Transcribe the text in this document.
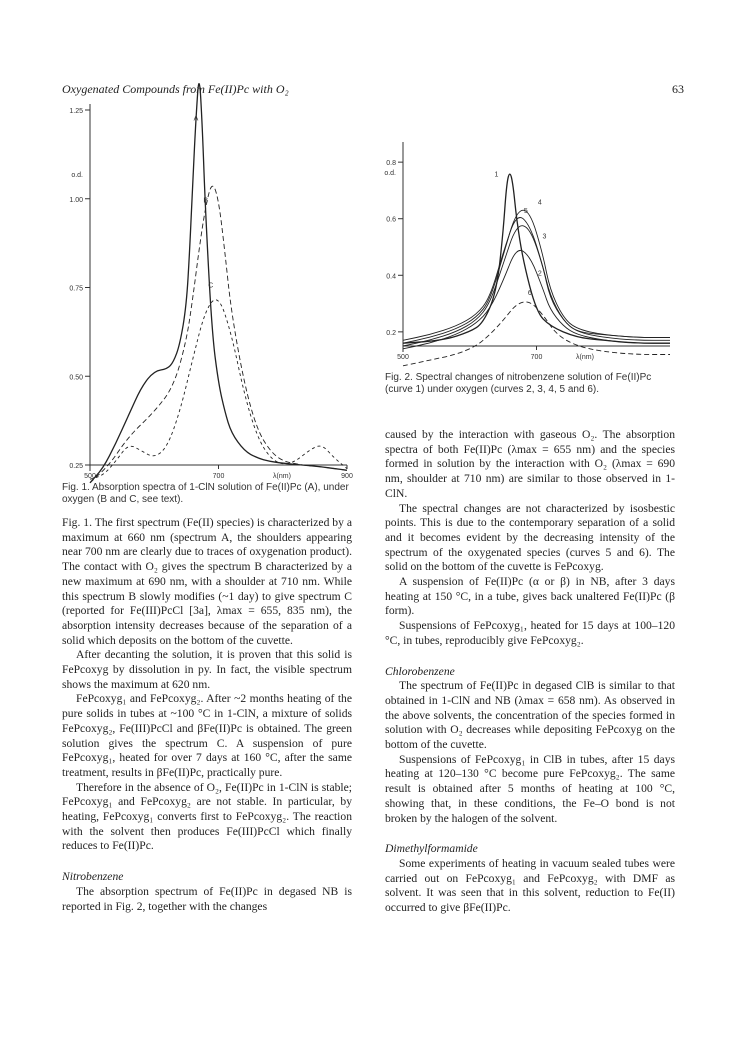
Oxygenated Compounds from Fe(II)Pc with O₂	63
1.25
1.00
0.75
0.50
0.25
o.d.
500	700	900
λ(nm)
A
B
C
Fig. 1. Absorption spectra of 1-ClN solution of Fe(II)Pc (A), under oxygen (B and C, see text).
0.8
0.6
0.4
0.2
o.d.
500	700	λ(nm)
1
2
3
4
5
6
Fig. 2. Spectral changes of nitrobenzene solution of Fe(II)Pc (curve 1) under oxygen (curves 2, 3, 4, 5 and 6).

Fig. 1. The first spectrum (Fe(II) species) is characterized by a maximum at 660 nm (spectrum A, the shoulders appearing near 700 nm are clearly due to traces of oxygenation product). The contact with O₂ gives the spectrum B characterized by a new maximum at 690 nm, with a shoulder at 710 nm. While this spectrum B slowly modifies (~1 day) to give spectrum C (reported for Fe(III)PcCl [3a], λmax = 655, 835 nm), the absorption intensity decreases because of the separation of a solid which deposits on the bottom of the cuvette.

After decanting the solution, it is proven that this solid is FePcoxyg by dissolution in py. In fact, the visible spectrum shows the maximum at 620 nm.

FePcoxyg₁ and FePcoxyg₂. After ~2 months heating of the pure solids in tubes at ~100 °C in 1-ClN, a mixture of solids FePcoxyg₂, Fe(III)PcCl and βFe(II)Pc is obtained. The green solution gives the spectrum C. A suspension of pure FePcoxyg₁, heated for over 7 days at 160 °C, after the same treatment, results in βFe(II)Pc, practically pure.

Therefore in the absence of O₂, Fe(II)Pc in 1-ClN is stable; FePcoxyg₁ and FePcoxyg₂ are not stable. In particular, by heating, FePcoxyg₁ converts first to FePcoxyg₂. The reaction with the solvent then produces Fe(III)PcCl which finally reduces to Fe(II)Pc.

Nitrobenzene

The absorption spectrum of Fe(II)Pc in degased NB is reported in Fig. 2, together with the changes

caused by the interaction with gaseous O₂. The absorption spectra of both Fe(II)Pc (λmax = 655 nm) and the species formed in solution by the interaction with O₂ (λmax = 690 nm, shoulder at 710 nm) are similar to those observed in 1-ClN.

The spectral changes are not characterized by isosbestic points. This is due to the contemporary separation of a solid and it becomes evident by the decreasing intensity of the spectrum of the oxygenated species (curves 5 and 6). The solid on the bottom of the cuvette is FePcoxyg.

A suspension of Fe(II)Pc (α or β) in NB, after 3 days heating at 150 °C, in a tube, gives back unaltered Fe(II)Pc (β form).

Suspensions of FePcoxyg₁, heated for 15 days at 100–120 °C, in tubes, reproducibly give FePcoxyg₂.

Chlorobenzene

The spectrum of Fe(II)Pc in degased ClB is similar to that obtained in 1-ClN and NB (λmax = 658 nm). As observed in the above solvents, the concentration of the species formed in solution with O₂ decreases while depositing FePcoxyg on the bottom of the cuvette.

Suspensions of FePcoxyg₁ in ClB in tubes, after 15 days heating at 120–130 °C become pure FePcoxyg₂. The same result is obtained after 5 months of heating at 100 °C, showing that, in these conditions, the Fe–O bond is not broken by the halogen of the solvent.

Dimethylformamide

Some experiments of heating in vacuum sealed tubes were carried out on FePcoxyg₁ and FePcoxyg₂ with DMF as solvent. It was seen that in this solvent, reduction to Fe(II) occurred to give βFe(II)Pc.
